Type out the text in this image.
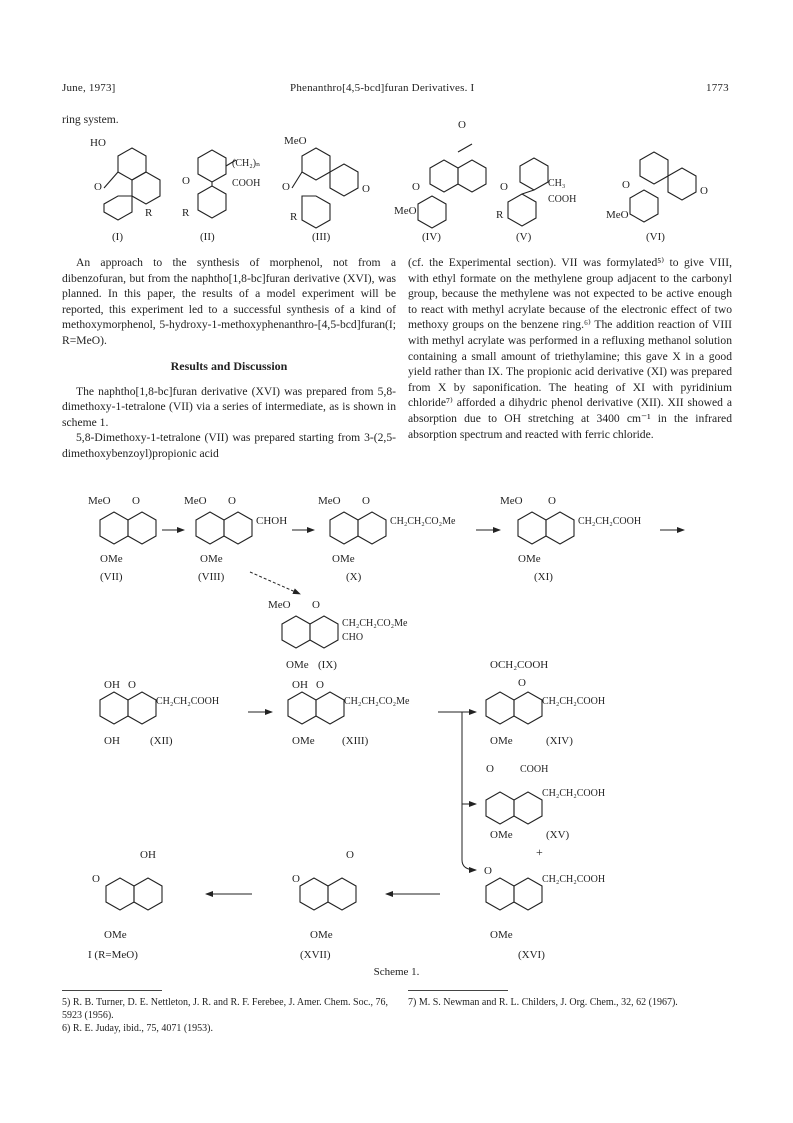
June, 1973]	Phenanthro[4,5-bcd]furan Derivatives. I	1773
ring system.
HO
O
R
(I)
O
(CH₂)ₙ
COOH
R
(II)
MeO
O	O
R
(III)
O
O
MeO
(IV)
O	CH₃
COOH
R
(V)
O	O
MeO
(VI)

An approach to the synthesis of morphenol, not from a dibenzofuran, but from the naphtho[1,8-bc]furan derivative (XVI), was planned. In this paper, the results of a model experiment will be reported, this experiment led to a successful synthesis of a kind of methoxymorphenol, 5-hydroxy-1-methoxyphenanthro-[4,5-bcd]furan(I; R=MeO).

Results and Discussion

The naphtho[1,8-bc]furan derivative (XVI) was prepared from 5,8-dimethoxy-1-tetralone (VII) via a series of intermediate, as is shown in scheme 1.

5,8-Dimethoxy-1-tetralone (VII) was prepared starting from 3-(2,5-dimethoxybenzoyl)propionic acid

(cf. the Experimental section). VII was formylated⁵⁾ to give VIII, with ethyl formate on the methylene group adjacent to the carbonyl group, because the methylene was not expected to be active enough to react with methyl acrylate because of the electronic effect of two methoxy groups on the benzene ring.⁶⁾ The addition reaction of VIII with methyl acrylate was performed in a refluxing methanol solution containing a small amount of triethylamine; this gave X in a good yield rather than IX. The propionic acid derivative (XI) was prepared from X by saponification. The heating of XI with pyridinium chloride⁷⁾ afforded a dihydric phenol derivative (XII). XII showed a absorption due to OH stretching at 3400 cm⁻¹ in the infrared absorption spectrum and reacted with ferric chloride.

MeO O
OMe
(VII)
MeO O
CHOH
OMe
(VIII)
MeO O
CH₂CH₂CO₂Me
OMe
(X)
MeO O
CH₂CH₂COOH
OMe
(XI)
MeO O
CH₂CH₂CO₂Me
CHO
OMe (IX)
OH O
CH₂CH₂COOH
OH	(XII)
OH O
CH₂CH₂CO₂Me
OMe (XIII)
OCH₂COOH
O
CH₂CH₂COOH
OMe	(XIV)
O	COOH
CH₂CH₂COOH
OMe	(XV)
+
OH
O
OMe
I (R=MeO)
O
O
OMe
(XVII)
O
CH₂CH₂COOH
OMe
(XVI)
Scheme 1.
5) R. B. Turner, D. E. Nettleton, J. R. and R. F. Ferebee, J. Amer. Chem. Soc., 76, 5923 (1956).
6) R. E. Juday, ibid., 75, 4071 (1953).
7) M. S. Newman and R. L. Childers, J. Org. Chem., 32, 62 (1967).
